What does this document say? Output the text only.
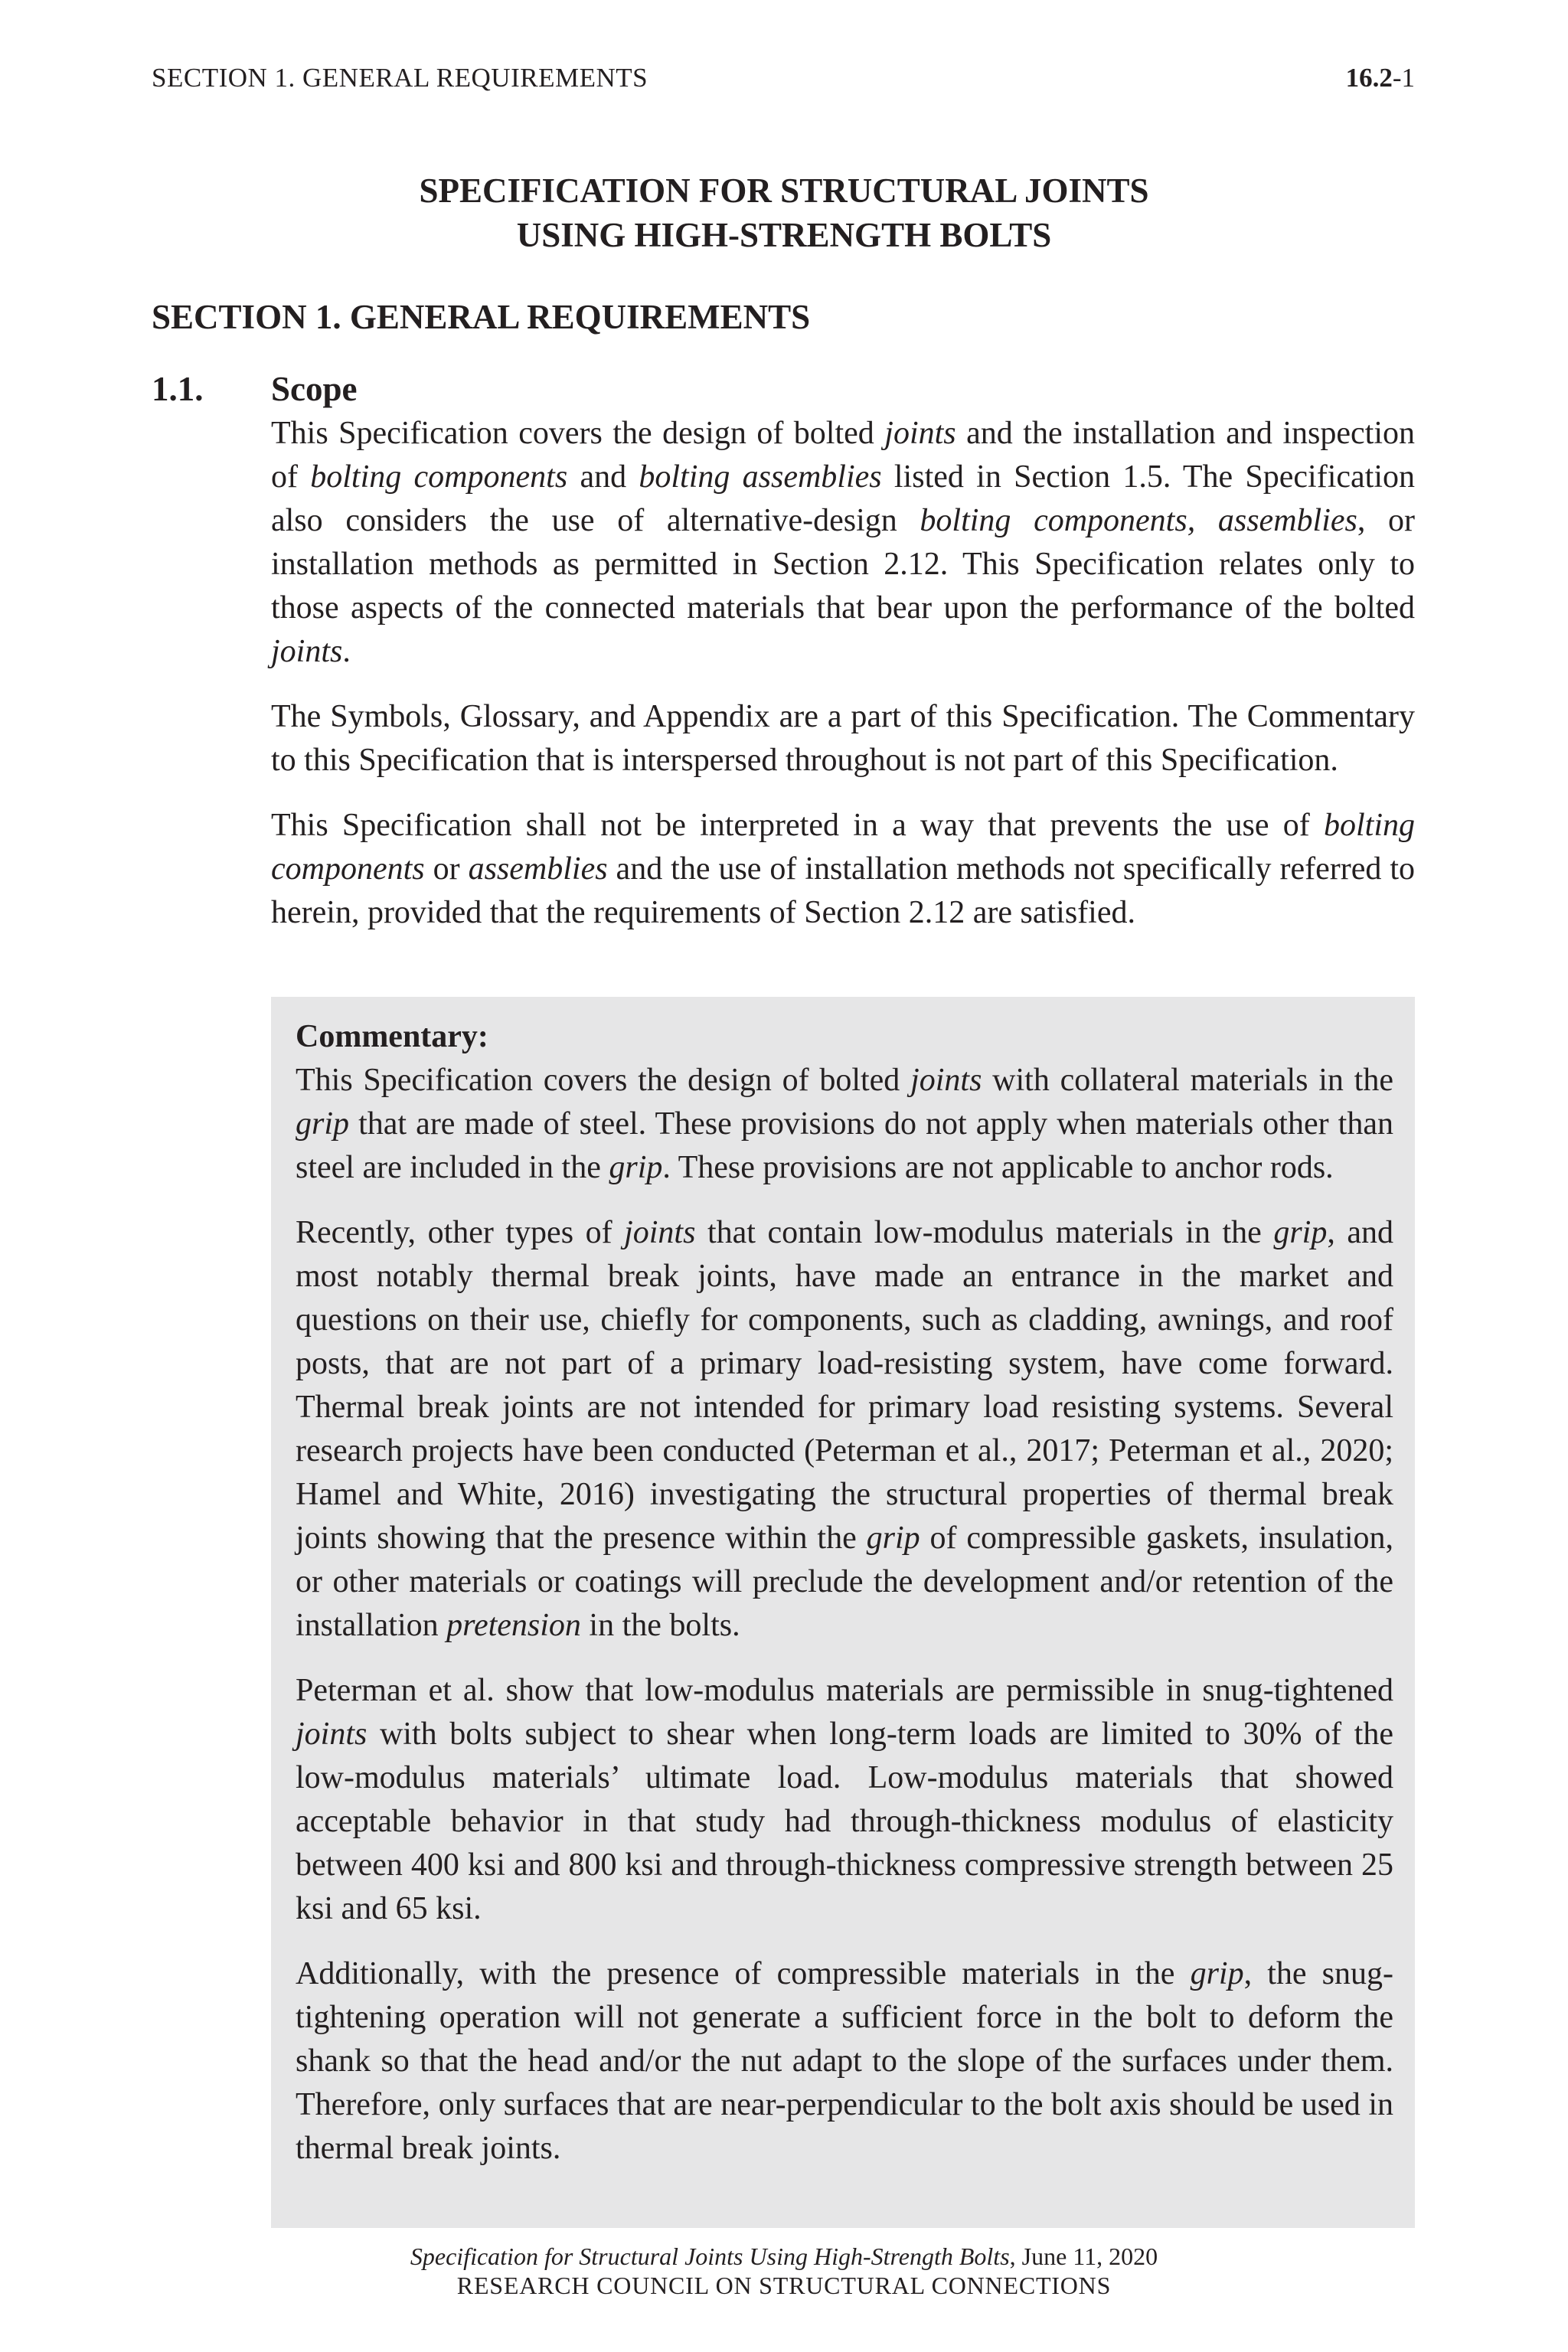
SECTION 1. GENERAL REQUIREMENTS	16.2-1
SPECIFICATION FOR STRUCTURAL JOINTS
USING HIGH-STRENGTH BOLTS
SECTION 1. GENERAL REQUIREMENTS
1.1. Scope

This Specification covers the design of bolted joints and the installation and inspection of bolting components and bolting assemblies listed in Section 1.5. The Specification also considers the use of alternative-design bolting components, assemblies, or installation methods as permitted in Section 2.12. This Specification relates only to those aspects of the connected materials that bear upon the performance of the bolted joints.

The Symbols, Glossary, and Appendix are a part of this Specification. The Commentary to this Specification that is interspersed throughout is not part of this Specification.

This Specification shall not be interpreted in a way that prevents the use of bolting components or assemblies and the use of installation methods not specifically referred to herein, provided that the requirements of Section 2.12 are satisfied.

Commentary:

This Specification covers the design of bolted joints with collateral materials in the grip that are made of steel. These provisions do not apply when materials other than steel are included in the grip. These provisions are not applicable to anchor rods.

Recently, other types of joints that contain low-modulus materials in the grip, and most notably thermal break joints, have made an entrance in the market and questions on their use, chiefly for components, such as cladding, awnings, and roof posts, that are not part of a primary load-resisting system, have come forward. Thermal break joints are not intended for primary load resisting systems. Several research projects have been conducted (Peterman et al., 2017; Peterman et al., 2020; Hamel and White, 2016) investigating the structural properties of thermal break joints showing that the presence within the grip of compressible gaskets, insulation, or other materials or coatings will preclude the development and/or retention of the installation pretension in the bolts.

Peterman et al. show that low-modulus materials are permissible in snug-tightened joints with bolts subject to shear when long-term loads are limited to 30% of the low-modulus materials’ ultimate load. Low-modulus materials that showed acceptable behavior in that study had through-thickness modulus of elasticity between 400 ksi and 800 ksi and through-thickness compressive strength between 25 ksi and 65 ksi.

Additionally, with the presence of compressible materials in the grip, the snug-tightening operation will not generate a sufficient force in the bolt to deform the shank so that the head and/or the nut adapt to the slope of the surfaces under them. Therefore, only surfaces that are near-perpendicular to the bolt axis should be used in thermal break joints.

Specification for Structural Joints Using High-Strength Bolts, June 11, 2020
RESEARCH COUNCIL ON STRUCTURAL CONNECTIONS
